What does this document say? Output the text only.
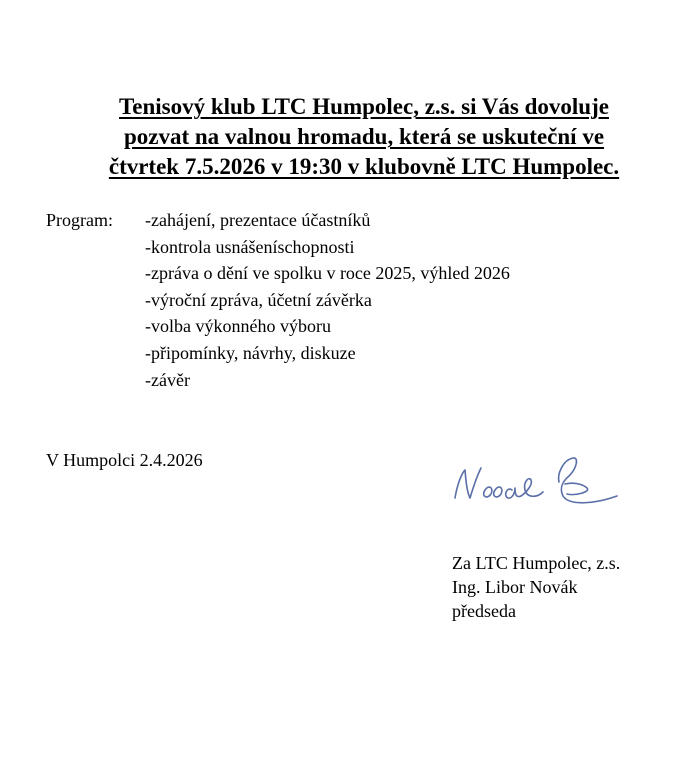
Tenisový klub LTC Humpolec, z.s. si Vás dovoluje
pozvat na valnou hromadu, která se uskuteční ve
čtvrtek 7.5.2026 v 19:30 v klubovně LTC Humpolec.
Program: -zahájení, prezentace účastníků
-kontrola usnášeníschopnosti
-zpráva o dění ve spolku v roce 2025, výhled 2026
-výroční zpráva, účetní závěrka
-volba výkonného výboru
-připomínky, návrhy, diskuze
-závěr
V Humpolci 2.4.2026
Za LTC Humpolec, z.s.
Ing. Libor Novák
předseda
